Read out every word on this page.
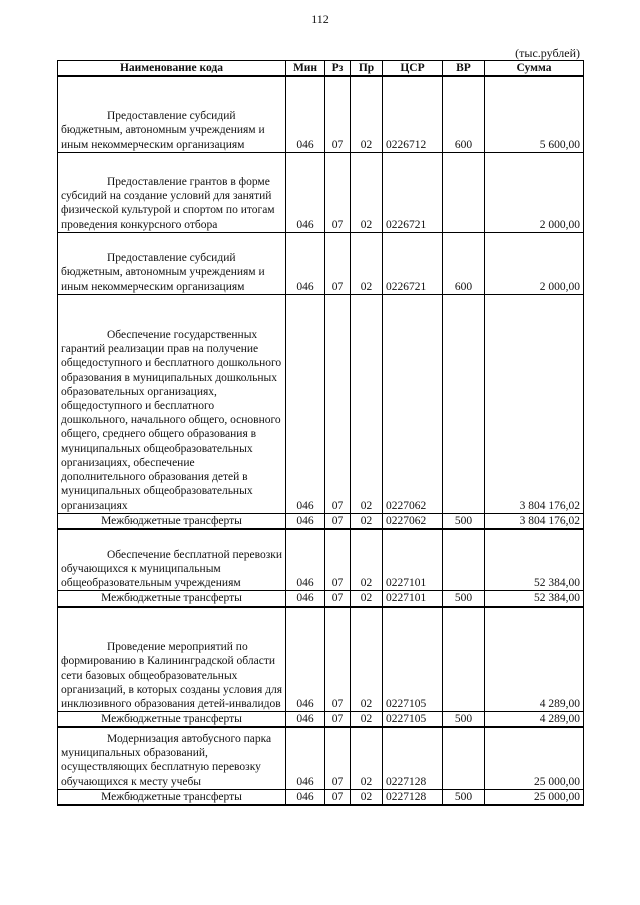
112
(тыс.рублей)
Наименование кода	Мин	Рз	Пр	ЦСР	ВР	Сумма
Предоставление субсидий бюджетным, автономным учреждениям и иным некоммерческим организациям	046	07	02	0226712	600	5 600,00
Предоставление грантов в форме субсидий на создание условий для занятий физической культурой и спортом по итогам проведения конкурсного отбора	046	07	02	0226721		2 000,00
Предоставление субсидий бюджетным, автономным учреждениям и иным некоммерческим организациям	046	07	02	0226721	600	2 000,00
Обеспечение государственных гарантий реализации прав на получение общедоступного и бесплатного дошкольного образования в муниципальных дошкольных образовательных организациях, общедоступного и бесплатного дошкольного, начального общего, основного общего, среднего общего образования в муниципальных общеобразовательных организациях, обеспечение дополнительного образования детей в муниципальных общеобразовательных организациях	046	07	02	0227062		3 804 176,02
Межбюджетные трансферты	046	07	02	0227062	500	3 804 176,02
Обеспечение бесплатной перевозки обучающихся к муниципальным общеобразовательным учреждениям	046	07	02	0227101		52 384,00
Межбюджетные трансферты	046	07	02	0227101	500	52 384,00
Проведение мероприятий по формированию в Калининградской области сети базовых общеобразовательных организаций, в которых созданы условия для инклюзивного образования детей-инвалидов	046	07	02	0227105		4 289,00
Межбюджетные трансферты	046	07	02	0227105	500	4 289,00
Модернизация автобусного парка муниципальных образований, осуществляющих бесплатную перевозку обучающихся к месту учебы	046	07	02	0227128		25 000,00
Межбюджетные трансферты	046	07	02	0227128	500	25 000,00
